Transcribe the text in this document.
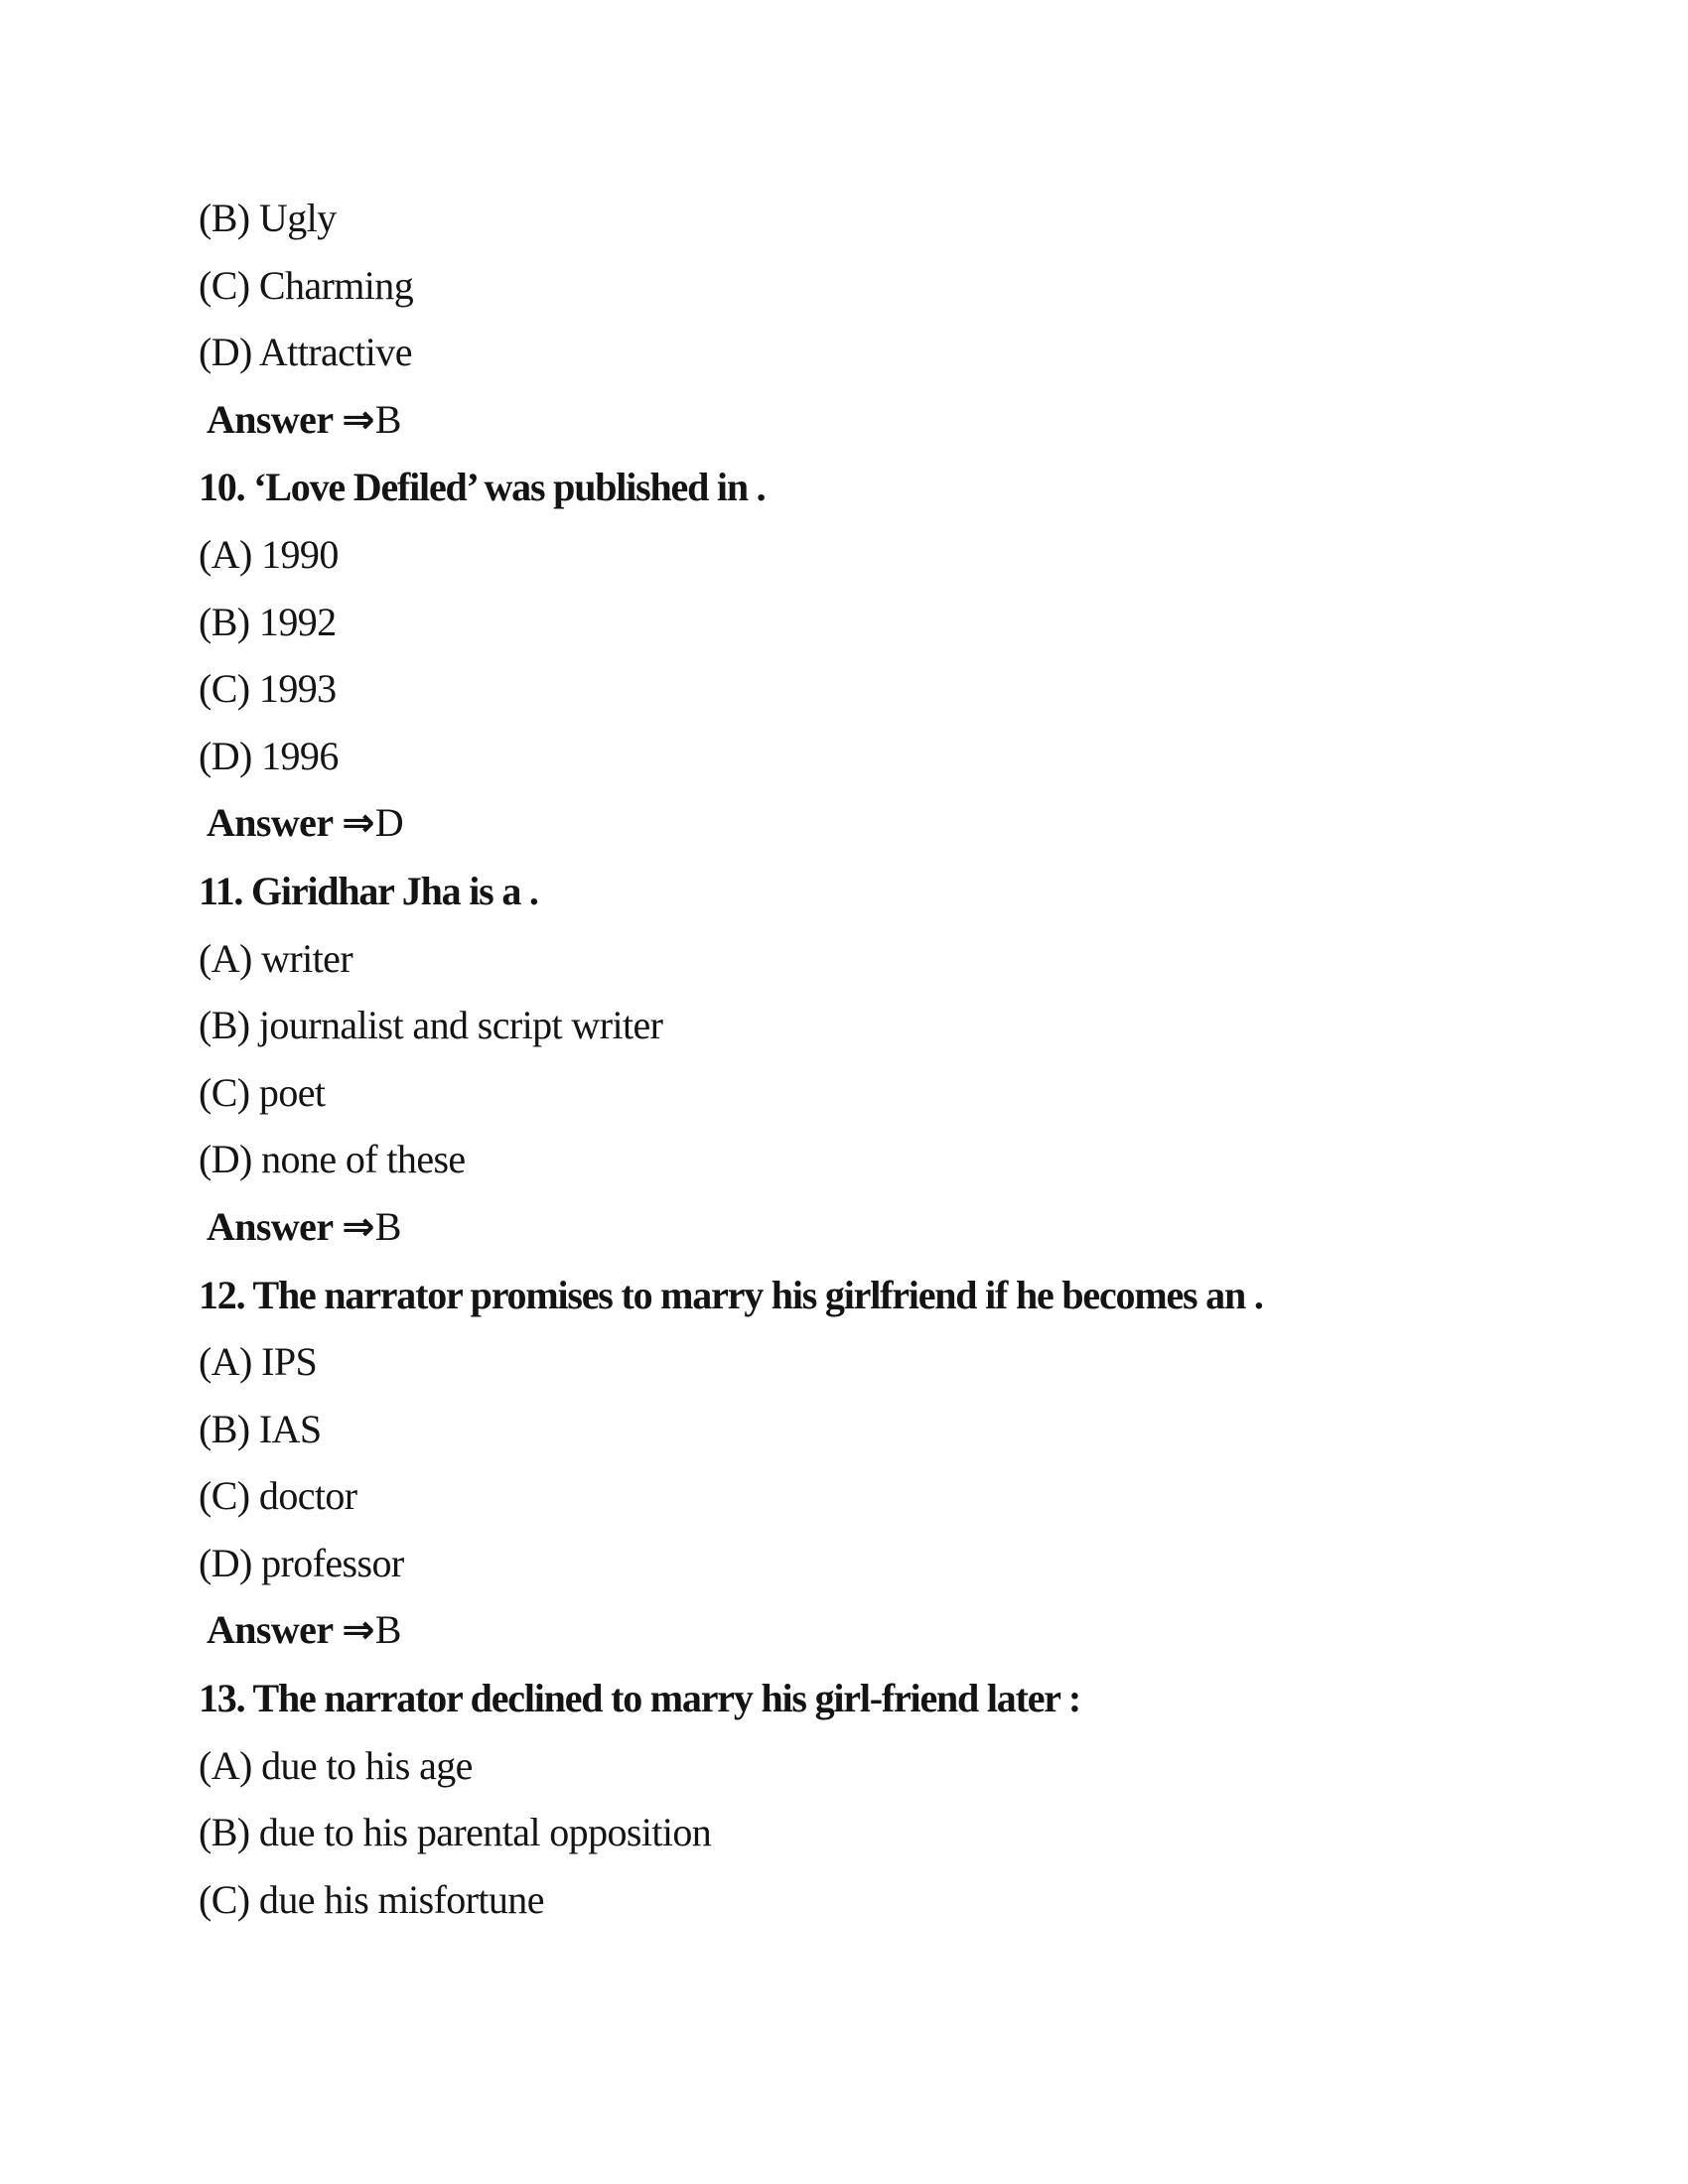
(B) Ugly
(C) Charming
(D) Attractive
Answer ⇒B
10. ‘Love Defiled’ was published in .
(A) 1990
(B) 1992
(C) 1993
(D) 1996
Answer ⇒D
11. Giridhar Jha is a .
(A) writer
(B) journalist and script writer
(C) poet
(D) none of these
Answer ⇒B
12. The narrator promises to marry his girlfriend if he becomes an .
(A) IPS
(B) IAS
(C) doctor
(D) professor
Answer ⇒B
13. The narrator declined to marry his girl-friend later :
(A) due to his age
(B) due to his parental opposition
(C) due his misfortune
